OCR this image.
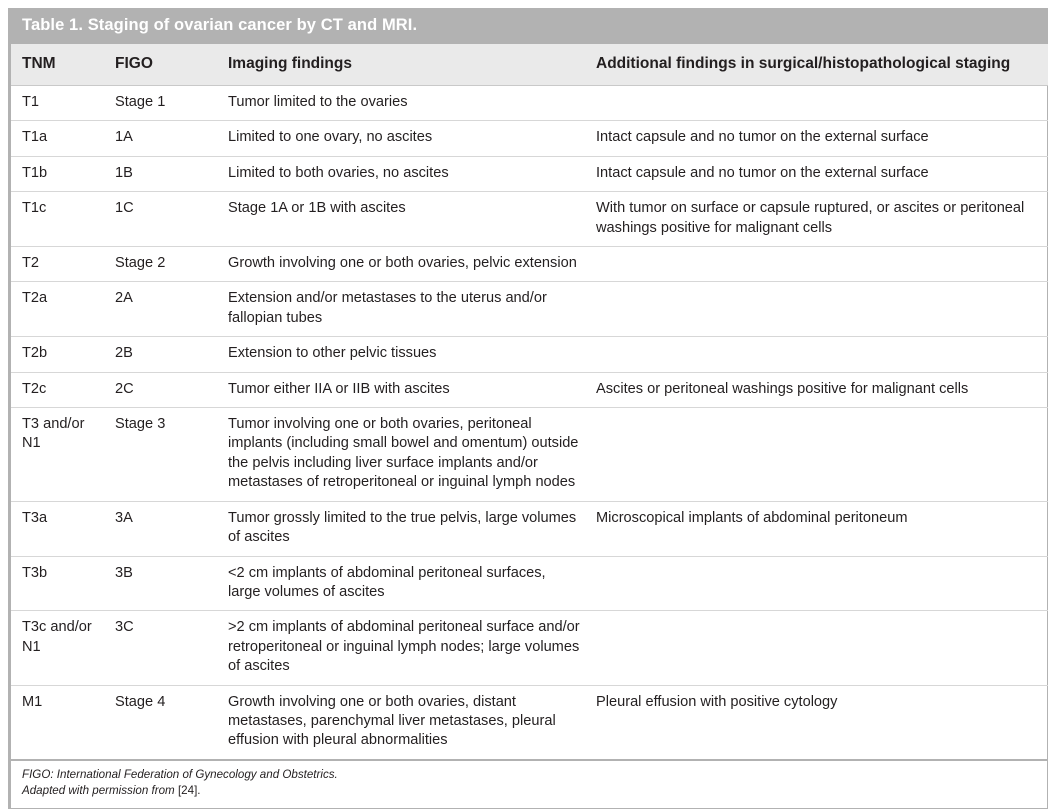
Table 1. Staging of ovarian cancer by CT and MRI.
TNM	FIGO	Imaging findings	Additional findings in surgical/histopathological staging
T1	Stage 1	Tumor limited to the ovaries	
T1a	1A	Limited to one ovary, no ascites	Intact capsule and no tumor on the external surface
T1b	1B	Limited to both ovaries, no ascites	Intact capsule and no tumor on the external surface
T1c	1C	Stage 1A or 1B with ascites	With tumor on surface or capsule ruptured, or ascites or peritoneal washings positive for malignant cells
T2	Stage 2	Growth involving one or both ovaries, pelvic extension	
T2a	2A	Extension and/or metastases to the uterus and/or fallopian tubes	
T2b	2B	Extension to other pelvic tissues	
T2c	2C	Tumor either IIA or IIB with ascites	Ascites or peritoneal washings positive for malignant cells
T3 and/or N1	Stage 3	Tumor involving one or both ovaries, peritoneal implants (including small bowel and omentum) outside the pelvis including liver surface implants and/or metastases of retroperitoneal or inguinal lymph nodes	
T3a	3A	Tumor grossly limited to the true pelvis, large volumes of ascites	Microscopical implants of abdominal peritoneum
T3b	3B	<2 cm implants of abdominal peritoneal surfaces, large volumes of ascites	
T3c and/or N1	3C	>2 cm implants of abdominal peritoneal surface and/or retroperitoneal or inguinal lymph nodes; large volumes of ascites	
M1	Stage 4	Growth involving one or both ovaries, distant metastases, parenchymal liver metastases, pleural effusion with pleural abnormalities	Pleural effusion with positive cytology
FIGO: International Federation of Gynecology and Obstetrics.
Adapted with permission from [24].
